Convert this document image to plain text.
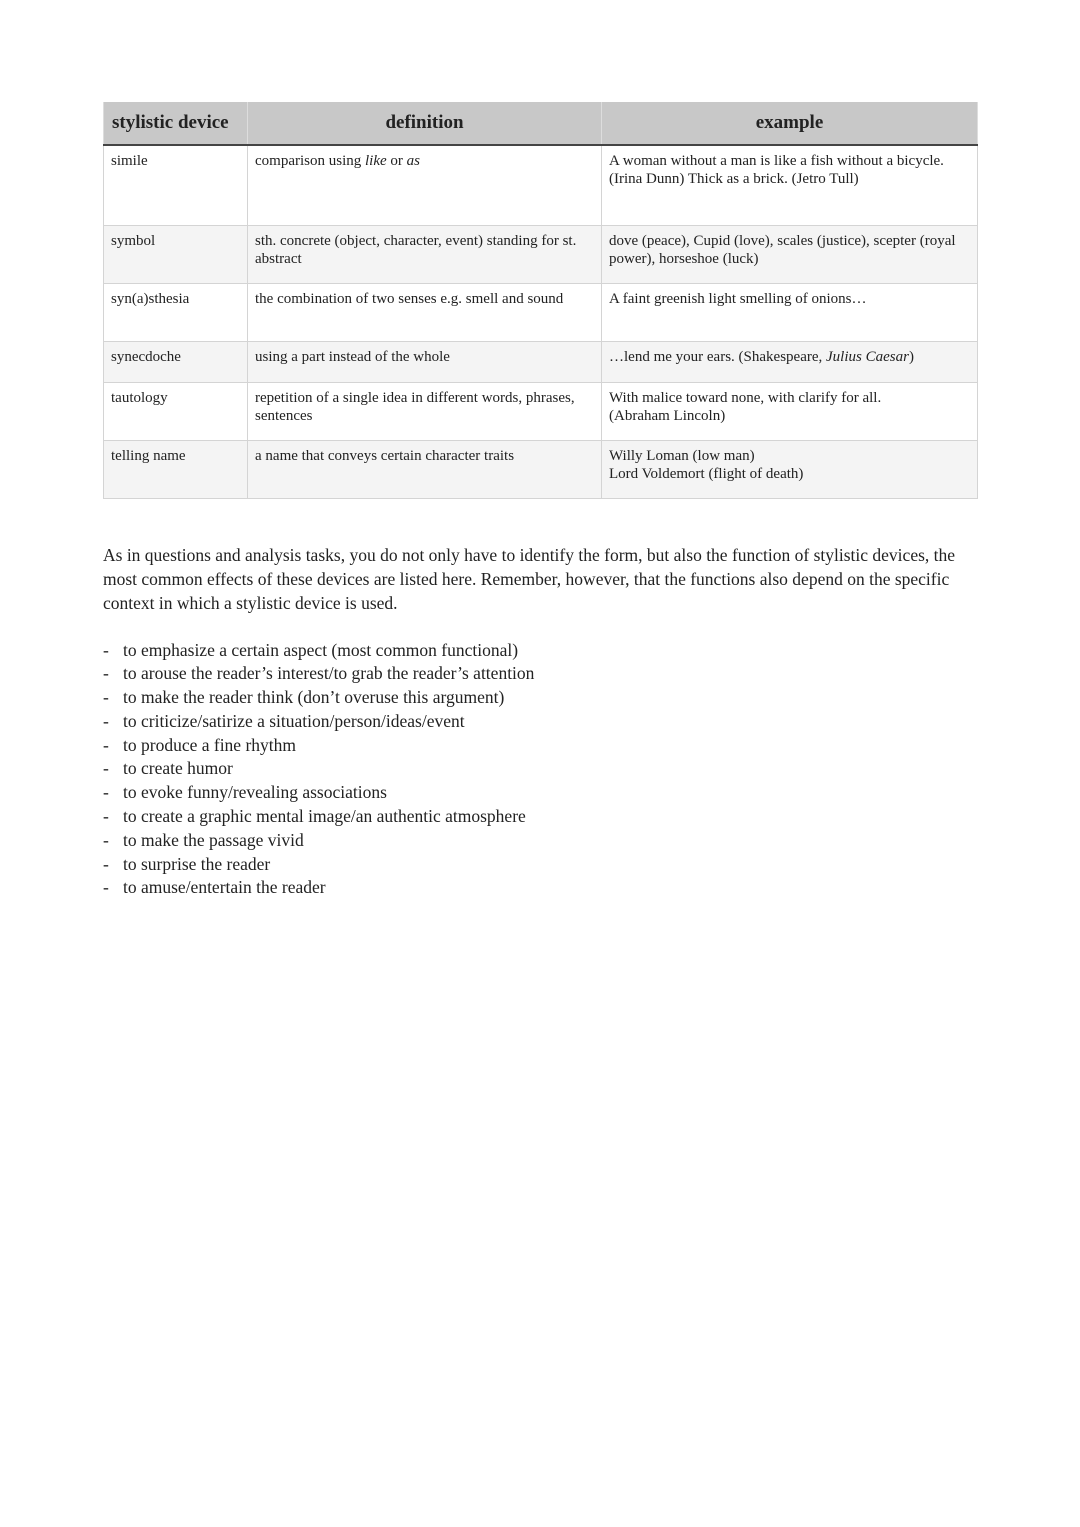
stylistic device	definition	example
simile	comparison using like or as	A woman without a man is like a fish without a bicycle. (Irina Dunn) Thick as a brick. (Jetro Tull)
symbol	sth. concrete (object, character, event) standing for st. abstract	dove (peace), Cupid (love), scales (justice), scepter (royal power), horseshoe (luck)
syn(a)sthesia	the combination of two senses e.g. smell and sound	A faint greenish light smelling of onions…
synecdoche	using a part instead of the whole	…lend me your ears. (Shakespeare, Julius Caesar)
tautology	repetition of a single idea in different words, phrases, sentences	With malice toward none, with clarify for all.
(Abraham Lincoln)

telling name	a name that conveys certain character traits	Willy Loman (low man)
Lord Voldemort (flight of death)

As in questions and analysis tasks, you do not only have to identify the form, but also the function of stylistic devices, the most common effects of these devices are listed here. Remember, however, that the functions also depend on the specific context in which a stylistic device is used.

- to emphasize a certain aspect (most common functional)
- to arouse the reader’s interest/to grab the reader’s attention
- to make the reader think (don’t overuse this argument)
- to criticize/satirize a situation/person/ideas/event
- to produce a fine rhythm
- to create humor
- to evoke funny/revealing associations
- to create a graphic mental image/an authentic atmosphere
- to make the passage vivid
- to surprise the reader
- to amuse/entertain the reader
